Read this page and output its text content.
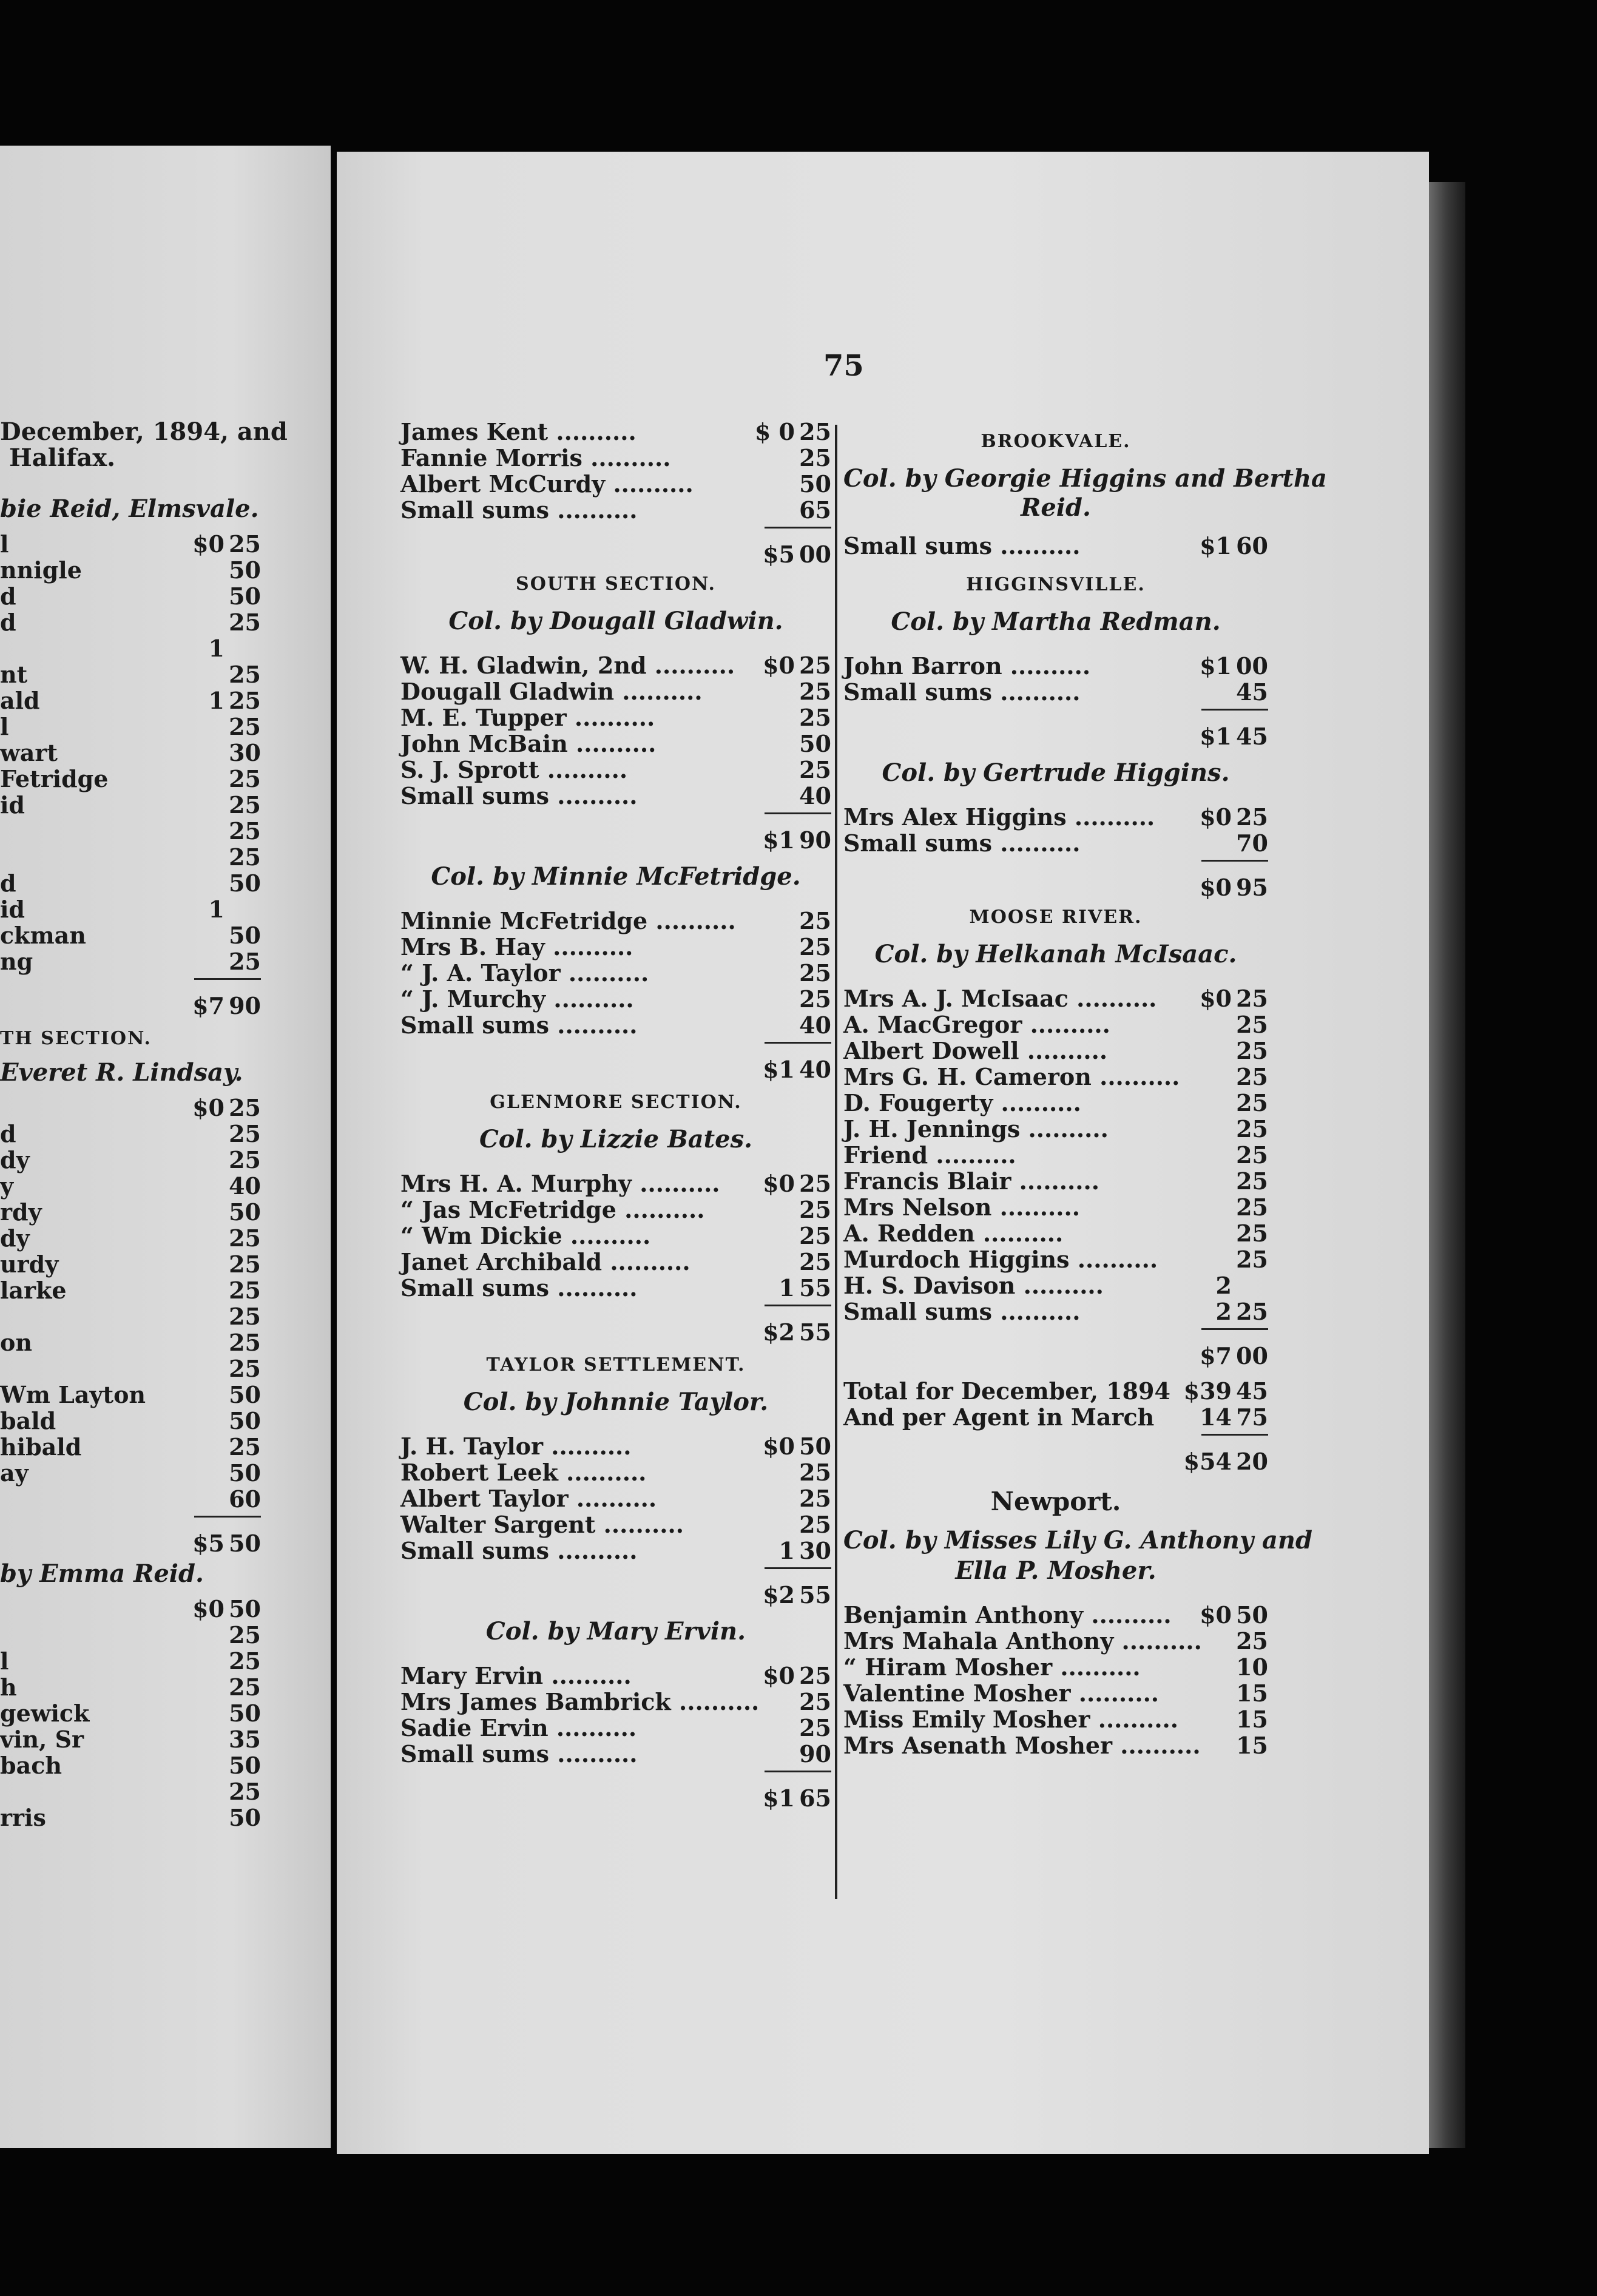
75
December, 1894, and
Halifax.
bie Reid, Elmsvale.
l	$0 25
nnigle	50
d	50
d	25
1
nt	25
ald	1 25
l	25
wart	30
Fetridge	25
id	25
25
25
d	50
id	1
ckman	50
ng	25
$7 90
TH SECTION.
Everet R. Lindsay.
$0 25
d	25
dy	25
y	40
rdy	50
dy	25
urdy	25
larke	25
25
on	25
25
Wm Layton	50
bald	50
hibald	25
ay	50
60
$5 50
by Emma Reid.
$0 50
25
l	25
h	25
gewick	50
vin, Sr	35
bach	50
25
rris	50
James Kent ..........	$ 0 25
Fannie Morris ..........	25
Albert McCurdy ..........	50
Small sums ..........	65
$5 00
SOUTH SECTION.
Col. by Dougall Gladwin.
W. H. Gladwin, 2nd .......... $0 25
Dougall Gladwin ..........	25
M. E. Tupper ..........	25
John McBain ..........	50
S. J. Sprott ..........	25
Small sums ..........	40
$1 90
Col. by Minnie McFetridge.
Minnie McFetridge ..........	25
Mrs B. Hay ..........	25
“ J. A. Taylor ..........	25
“ J. Murchy ..........	25
Small sums ..........	40
$1 40
GLENMORE SECTION.
Col. by Lizzie Bates.
Mrs H. A. Murphy .......... $0 25
“ Jas McFetridge ..........	25
“ Wm Dickie ..........	25
Janet Archibald ..........	25
Small sums ..........	1 55
$2 55
TAYLOR SETTLEMENT.
Col. by Johnnie Taylor.
J. H. Taylor ..........	$0 50
Robert Leek ..........	25
Albert Taylor ..........	25
Walter Sargent ..........	25
Small sums ..........	1 30
$2 55
Col. by Mary Ervin.
Mary Ervin ..........	$0 25
Mrs James Bambrick .......... 25
Sadie Ervin ..........	25
Small sums ..........	90
$1 65
BROOKVALE.
Col. by Georgie Higgins and Bertha
Reid.
Small sums ..........	$1 60
HIGGINSVILLE.
Col. by Martha Redman.
John Barron ..........	$1 00
Small sums ..........	45
$1 45
Col. by Gertrude Higgins.
Mrs Alex Higgins .......... $0 25
Small sums ..........	70
$0 95
MOOSE RIVER.
Col. by Helkanah McIsaac.
Mrs A. J. McIsaac .......... $0 25
A. MacGregor ..........	25
Albert Dowell ..........	25
Mrs G. H. Cameron .......... 25
D. Fougerty ..........	25
J. H. Jennings ..........	25
Friend ..........	25
Francis Blair ..........	25
Mrs Nelson ..........	25
A. Redden ..........	25
Murdoch Higgins ..........	25
H. S. Davison ..........	2
Small sums ..........	2 25
$7 00
Total for December, 1894 $39 45
And per Agent in March 14 75
$54 20
Newport.
Col. by Misses Lily G. Anthony and
Ella P. Mosher.
Benjamin Anthony .......... $0 50
Mrs Mahala Anthony .......... 25
“ Hiram Mosher ..........	10
Valentine Mosher ..........	15
Miss Emily Mosher ..........	15
Mrs Asenath Mosher .......... 15
